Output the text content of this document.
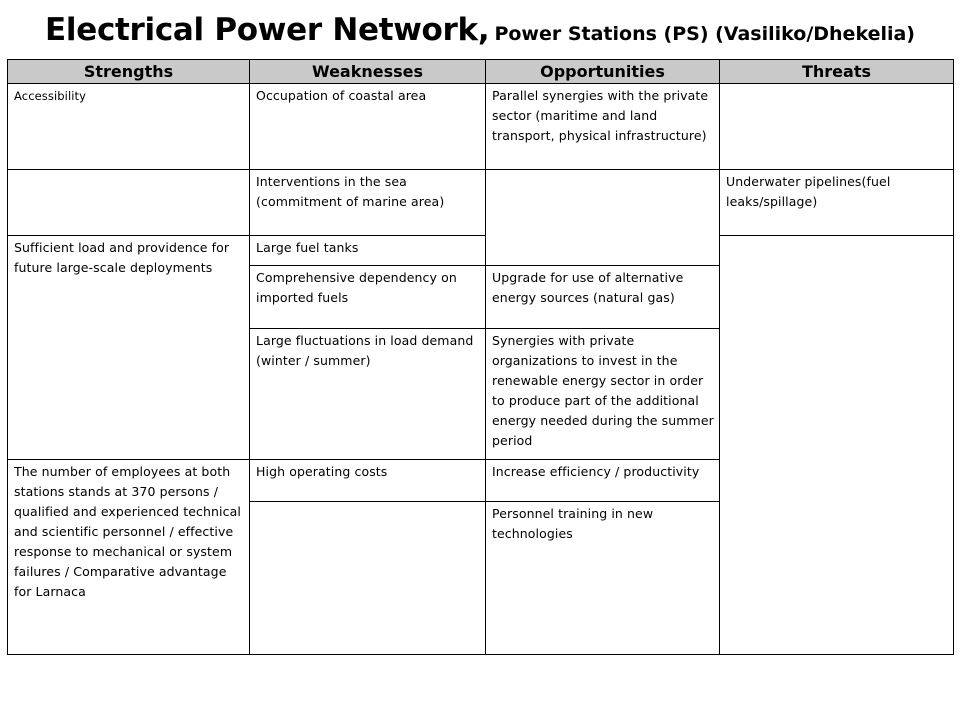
Electrical Power Network, Power Stations (PS) (Vasiliko/Dhekelia)
Strengths	Weaknesses	Opportunities	Threats
Accessibility	Occupation of coastal area	Parallel synergies with the private sector (maritime and land transport, physical infrastructure)	
	Interventions in the sea (commitment of marine area)		Underwater pipelines(fuel leaks/spillage)
Sufficient load and providence for future large-scale deployments	Large fuel tanks		
	Comprehensive dependency on imported fuels	Upgrade for use of alternative energy sources (natural gas)	
	Large fluctuations in load demand (winter / summer)	Synergies with private organizations to invest in the renewable energy sector in order to produce part of the additional energy needed during the summer period	
The number of employees at both stations stands at 370 persons / qualified and experienced technical and scientific personnel / effective response to mechanical or system failures / Comparative advantage for Larnaca	High operating costs	Increase efficiency / productivity	
		Personnel training in new technologies	
